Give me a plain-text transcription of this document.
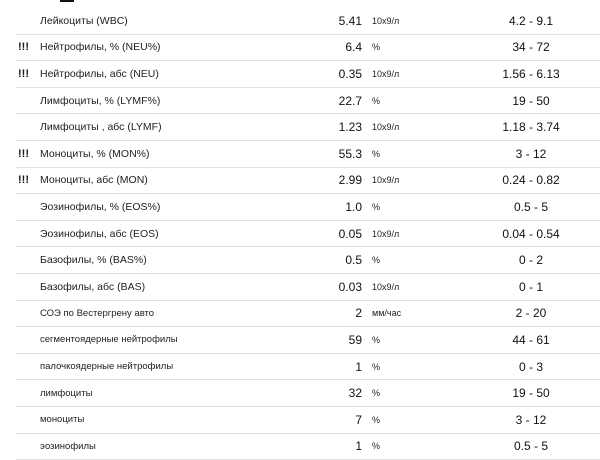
	Лейкоциты (WBC)	5.41	10x9/л	4.2 - 9.1
!!!	Нейтрофилы, % (NEU%)	6.4	%	34 - 72
!!!	Нейтрофилы, абс (NEU)	0.35	10x9/л	1.56 - 6.13
	Лимфоциты, % (LYMF%)	22.7	%	19 - 50
	Лимфоциты , абс (LYMF)	1.23	10x9/л	1.18 - 3.74
!!!	Моноциты, % (MON%)	55.3	%	3 - 12
!!!	Моноциты, абс (MON)	2.99	10x9/л	0.24 - 0.82
	Эозинофилы, % (EOS%)	1.0	%	0.5 - 5
	Эозинофилы, абс (EOS)	0.05	10x9/л	0.04 - 0.54
	Базофилы, % (BAS%)	0.5	%	0 - 2
	Базофилы, абс (BAS)	0.03	10x9/л	0 - 1
	СОЭ по Вестергрену авто	2	мм/час	2 - 20
	сегментоядерные нейтрофилы	59	%	44 - 61
	палочкоядерные нейтрофилы	1	%	0 - 3
	лимфоциты	32	%	19 - 50
	моноциты	7	%	3 - 12
	эозинофилы	1	%	0.5 - 5
